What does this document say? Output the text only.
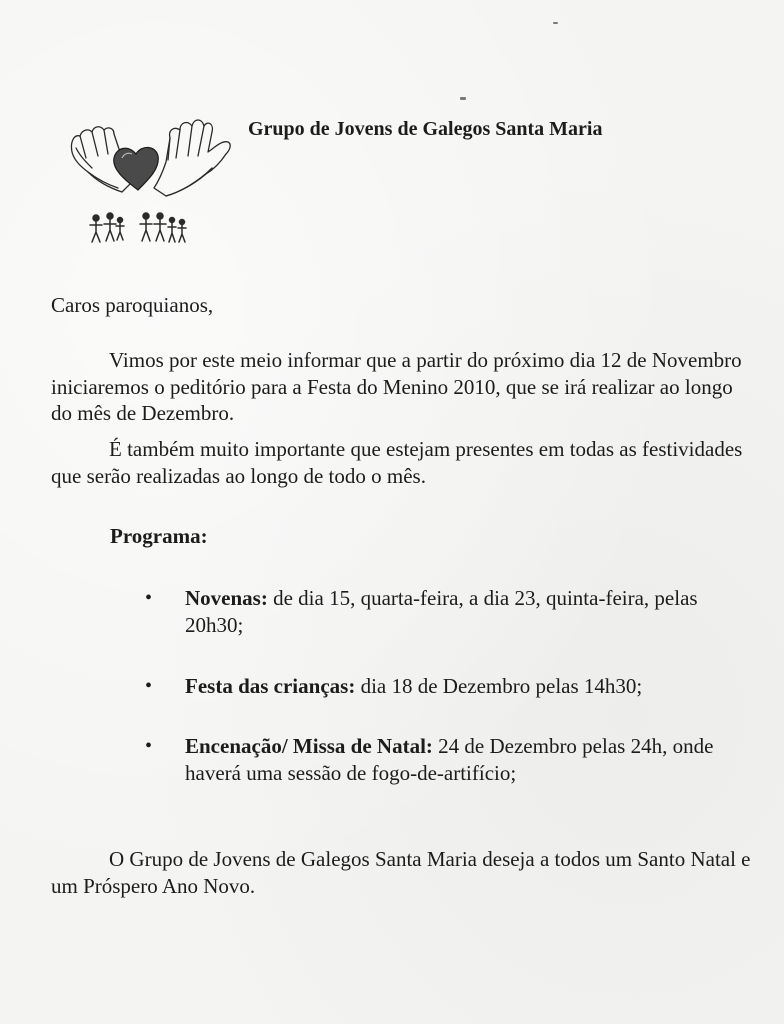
Grupo de Jovens de Galegos Santa Maria

Caros paroquianos,

Vimos por este meio informar que a partir do próximo dia 12 de Novembro iniciaremos o peditório para a Festa do Menino 2010, que se irá realizar ao longo do mês de Dezembro.

É também muito importante que estejam presentes em todas as festividades que serão realizadas ao longo de todo o mês.

Programa:
•	Novenas: de dia 15, quarta-feira, a dia 23, quinta-feira, pelas 20h30;
•	Festa das crianças: dia 18 de Dezembro pelas 14h30;
•	Encenação/ Missa de Natal: 24 de Dezembro pelas 24h, onde haverá uma sessão de fogo-de-artifício;

O Grupo de Jovens de Galegos Santa Maria deseja a todos um Santo Natal e um Próspero Ano Novo.
